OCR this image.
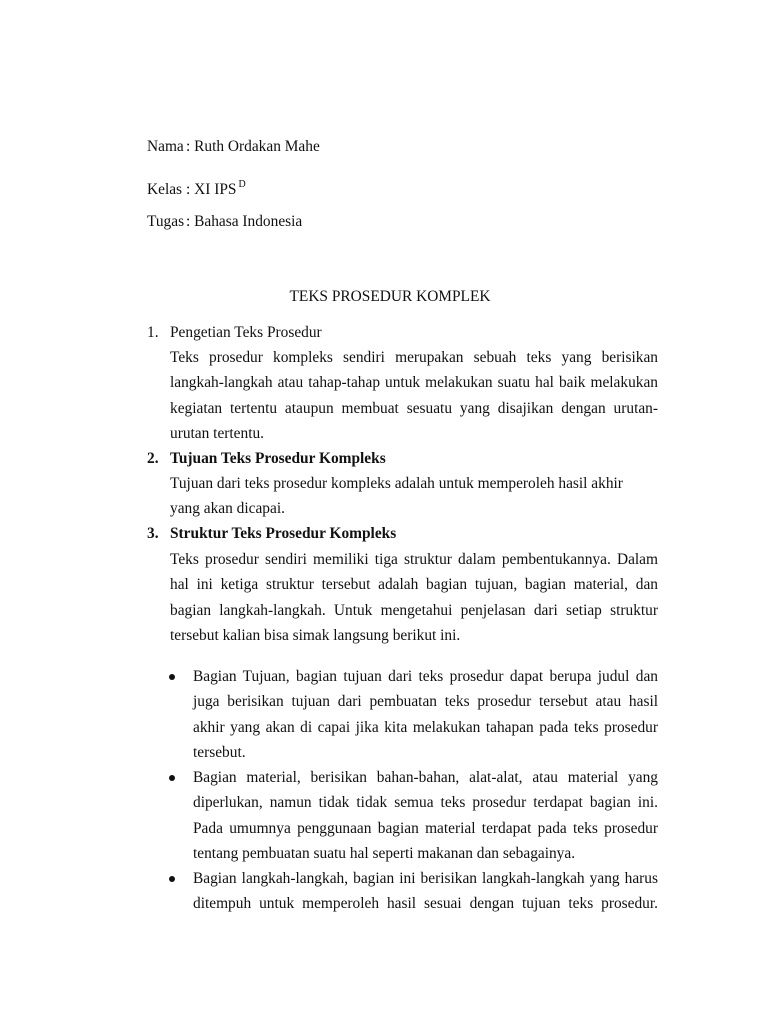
Nama : Ruth Ordakan Mahe
Kelas : XI IPS $^D$
Tugas : Bahasa Indonesia
TEKS PROSEDUR KOMPLEK
1. Pengetian Teks Prosedur
Teks prosedur kompleks sendiri merupakan sebuah teks yang berisikan
langkah-langkah atau tahap-tahap untuk melakukan suatu hal baik melakukan
kegiatan tertentu ataupun membuat sesuatu yang disajikan dengan urutan-
urutan tertentu.
2. Tujuan Teks Prosedur Kompleks
Tujuan dari teks prosedur kompleks adalah untuk memperoleh hasil akhir
yang akan dicapai.
3. Struktur Teks Prosedur Kompleks
Teks prosedur sendiri memiliki tiga struktur dalam pembentukannya. Dalam
hal ini ketiga struktur tersebut adalah bagian tujuan, bagian material, dan
bagian langkah-langkah. Untuk mengetahui penjelasan dari setiap struktur
tersebut kalian bisa simak langsung berikut ini.
Bagian Tujuan, bagian tujuan dari teks prosedur dapat berupa judul dan
juga berisikan tujuan dari pembuatan teks prosedur tersebut atau hasil
akhir yang akan di capai jika kita melakukan tahapan pada teks prosedur
tersebut.
Bagian material, berisikan bahan-bahan, alat-alat, atau material yang
diperlukan, namun tidak tidak semua teks prosedur terdapat bagian ini.
Pada umumnya penggunaan bagian material terdapat pada teks prosedur
tentang pembuatan suatu hal seperti makanan dan sebagainya.
Bagian langkah-langkah, bagian ini berisikan langkah-langkah yang harus
ditempuh untuk memperoleh hasil sesuai dengan tujuan teks prosedur.
